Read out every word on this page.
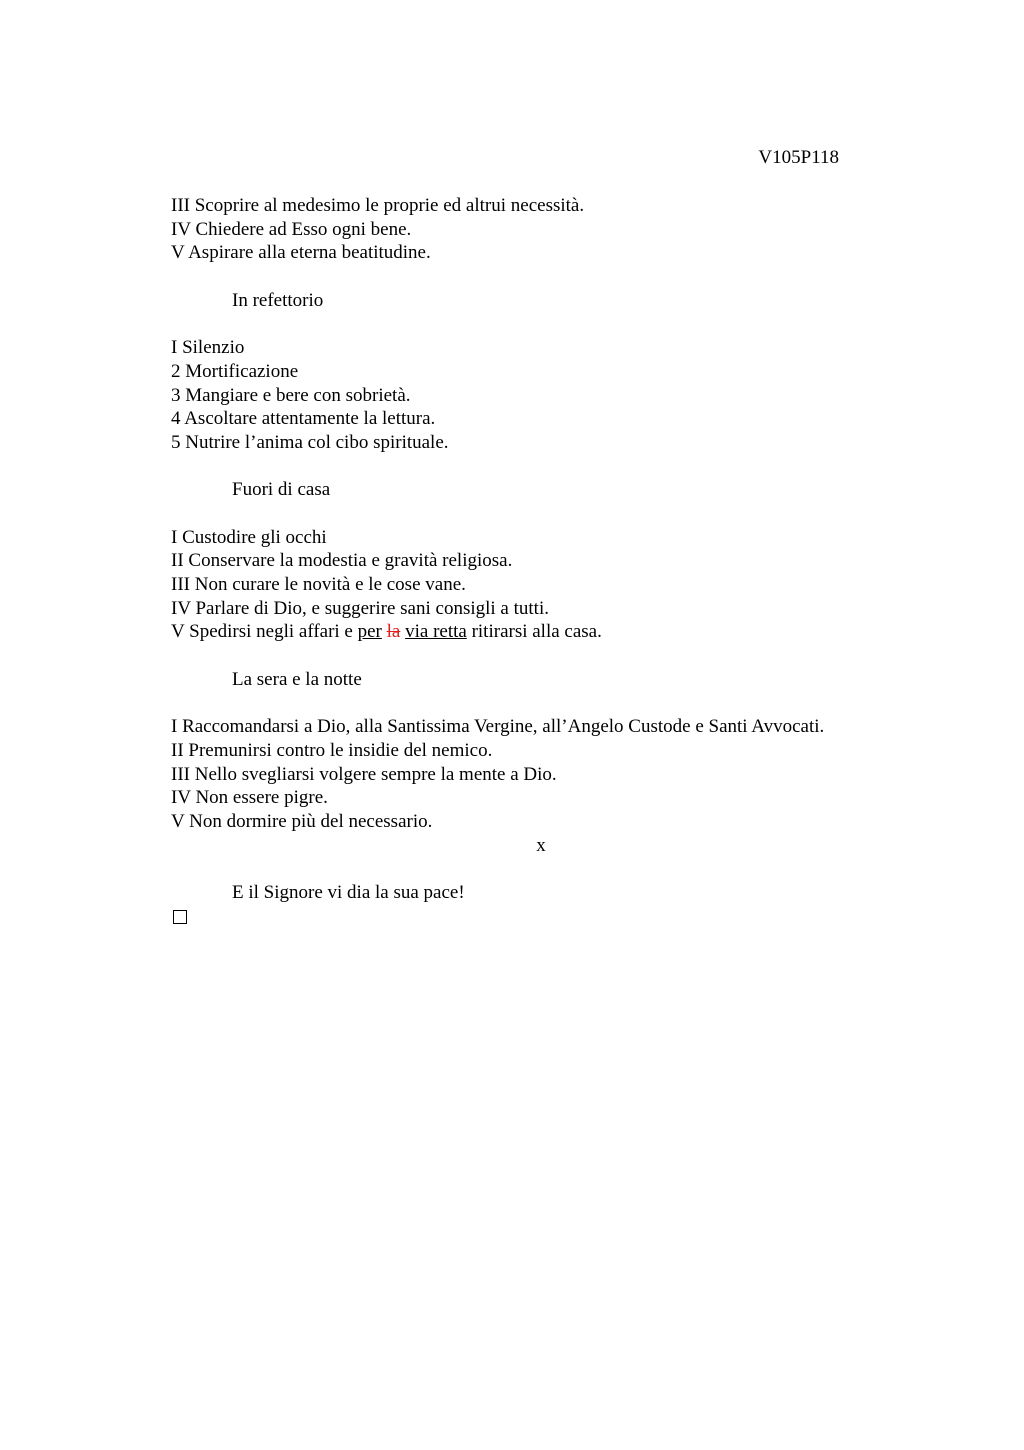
V105P118
III Scoprire al medesimo le proprie ed altrui necessità.
IV Chiedere ad Esso ogni bene.
V Aspirare alla eterna beatitudine.
In refettorio
I Silenzio
2 Mortificazione
3 Mangiare e bere con sobrietà.
4 Ascoltare attentamente la lettura.
5 Nutrire l’anima col cibo spirituale.
Fuori di casa
I Custodire gli occhi
II Conservare la modestia e gravità religiosa.
III Non curare le novità e le cose vane.
IV Parlare di Dio, e suggerire sani consigli a tutti.
V Spedirsi negli affari e per la via retta ritirarsi alla casa.
La sera e la notte
I Raccomandarsi a Dio, alla Santissima Vergine, all’Angelo Custode e Santi Avvocati.
II Premunirsi contro le insidie del nemico.
III Nello svegliarsi volgere sempre la mente a Dio.
IV Non essere pigre.
V Non dormire più del necessario.
x
E il Signore vi dia la sua pace!
